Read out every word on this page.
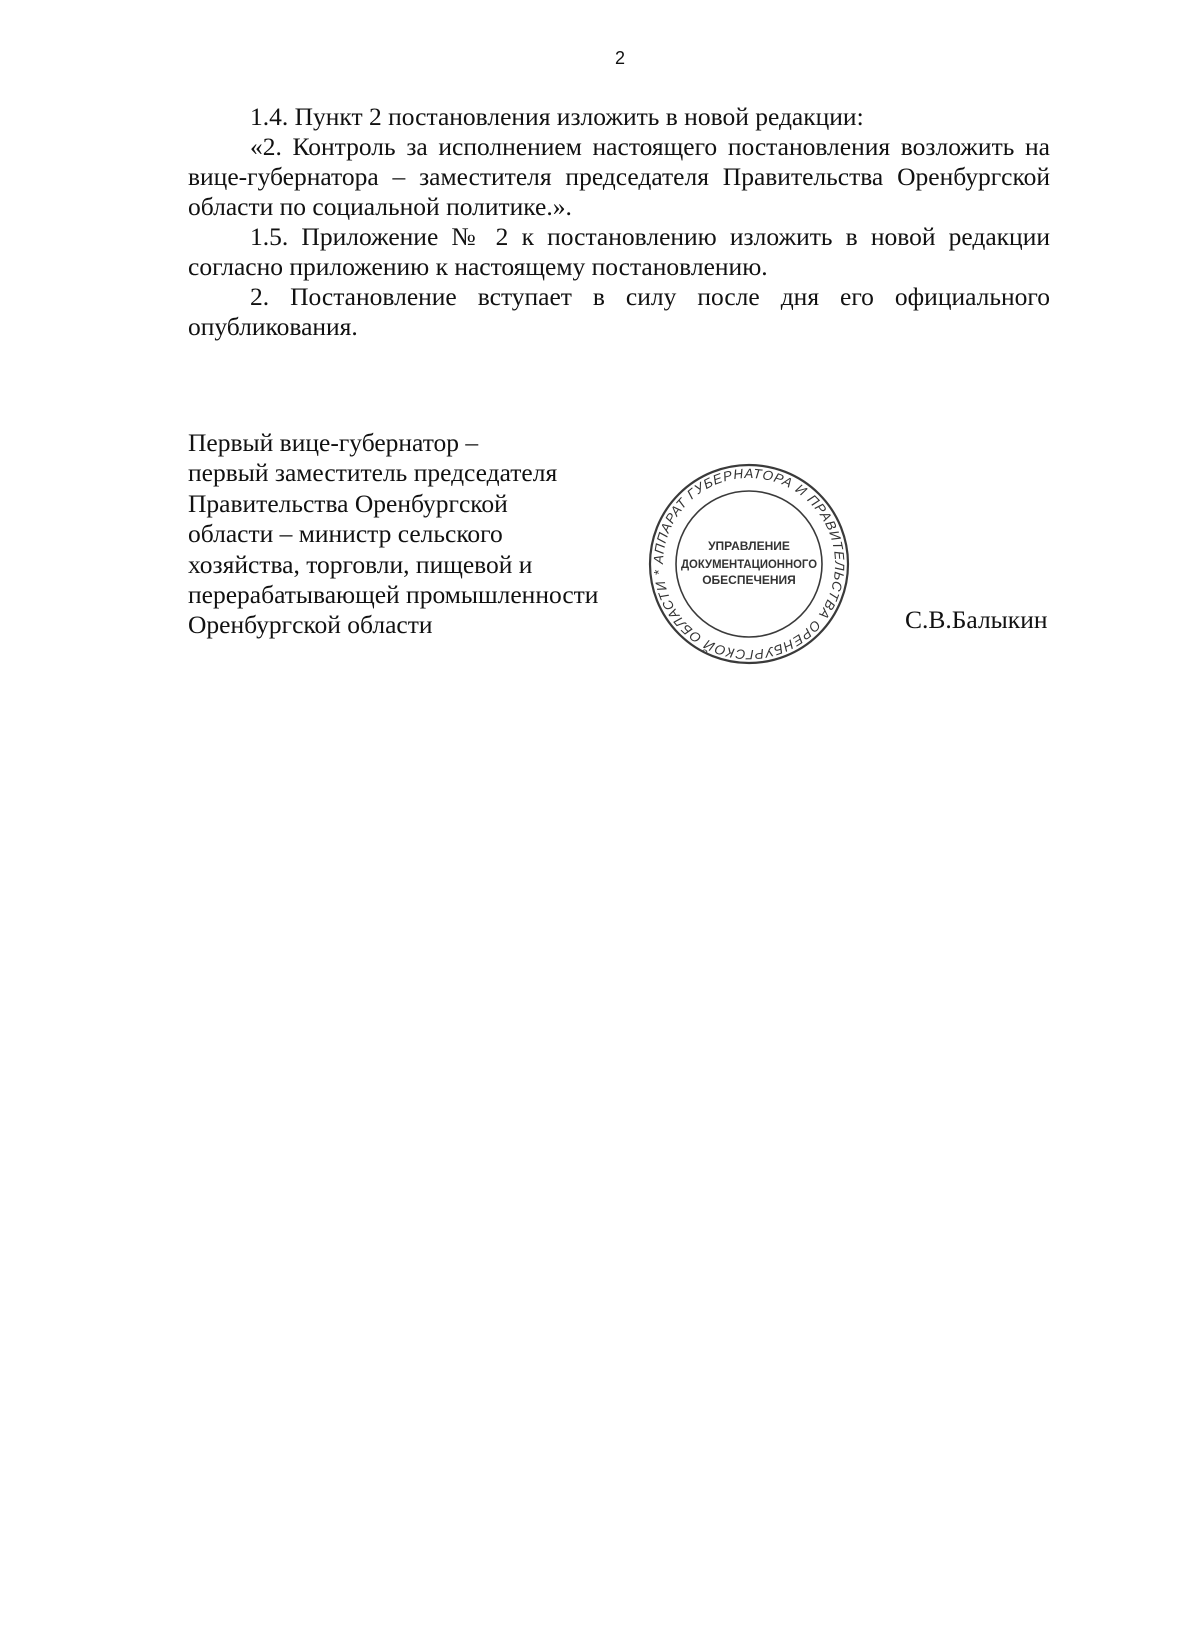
2

1.4. Пункт 2 постановления изложить в новой редакции:

«2. Контроль за исполнением настоящего постановления возложить на вице-губернатора – заместителя председателя Правительства Оренбургской области по социальной политике.».

1.5. Приложение № 2 к постановлению изложить в новой редакции согласно приложению к настоящему постановлению.

2. Постановление вступает в силу после дня его официального опубликования.

Первый вице-губернатор –
первый заместитель председателя
Правительства Оренбургской
области – министр сельского
хозяйства, торговли, пищевой и
перерабатывающей промышленности
Оренбургской области	С.В.Балыкин
АППАРАТ ГУБЕРНАТОРА И ПРАВИТЕЛЬСТВА ОРЕНБУРГСКОЙ ОБЛАСТИ *
УПРАВЛЕНИЕ
ДОКУМЕНТАЦИОННОГО
ОБЕСПЕЧЕНИЯ
